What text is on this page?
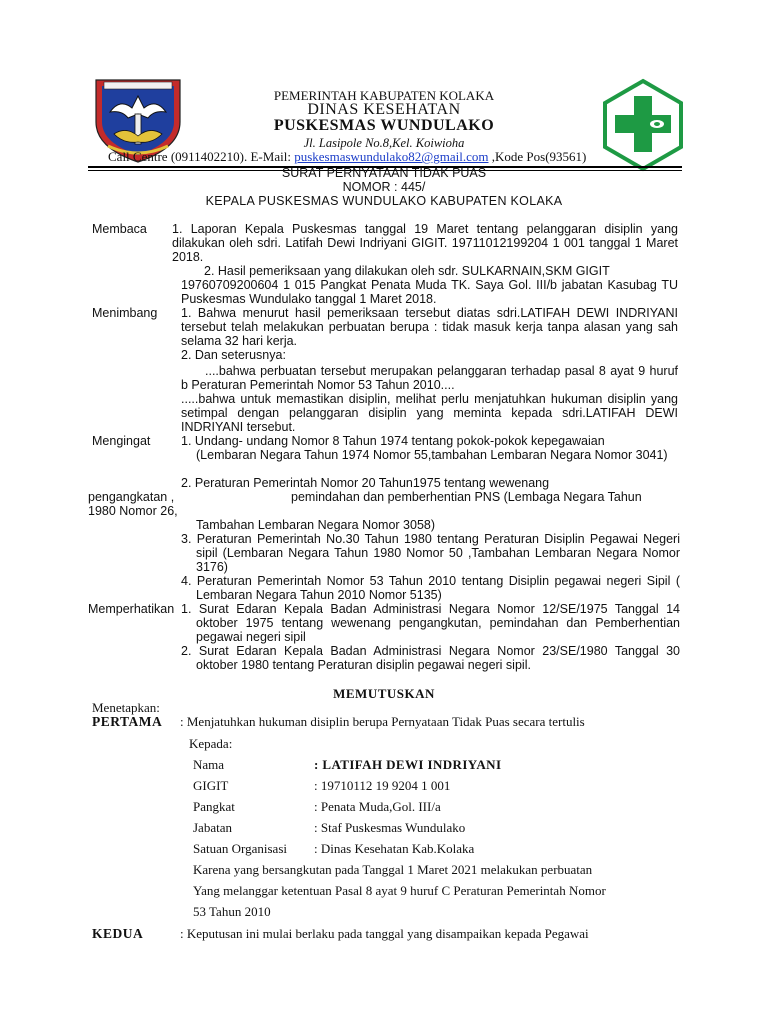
PEMERINTAH KABUPATEN KOLAKA
DINAS KESEHATAN
PUSKESMAS WUNDULAKO
Jl. Lasipole No.8,Kel. Koiwioha
Call Centre (0911402210). E-Mail: puskesmaswundulako82@gmail.com ,Kode Pos(93561)
SURAT PERNYATAAN TIDAK PUAS
NOMOR : 445/
KEPALA PUSKESMAS WUNDULAKO KABUPATEN KOLAKA
Membaca 1. Laporan Kepala Puskesmas tanggal 19 Maret tentang pelanggaran disiplin yang dilakukan oleh sdri. Latifah Dewi Indriyani GIGIT. 19711012199204 1 001 tanggal 1 Maret 2018.
2. Hasil pemeriksaan yang dilakukan oleh sdr. SULKARNAIN,SKM GIGIT
19760709200604 1 015 Pangkat Penata Muda TK. Saya Gol. III/b jabatan Kasubag TU Puskesmas Wundulako tanggal 1 Maret 2018.
Menimbang 1. Bahwa menurut hasil pemeriksaan tersebut diatas sdri.LATIFAH DEWI INDRIYANI tersebut telah melakukan perbuatan berupa : tidak masuk kerja tanpa alasan yang sah selama 32 hari kerja.
2. Dan seterusnya:
....bahwa perbuatan tersebut merupakan pelanggaran terhadap pasal 8 ayat 9 huruf b Peraturan Pemerintah Nomor 53 Tahun 2010....
.....bahwa untuk memastikan disiplin, melihat perlu menjatuhkan hukuman disiplin yang setimpal dengan pelanggaran disiplin yang meminta kepada sdri.LATIFAH DEWI INDRIYANI tersebut.
Mengingat 1. Undang- undang Nomor 8 Tahun 1974 tentang pokok-pokok kepegawaian
(Lembaran Negara Tahun 1974 Nomor 55,tambahan Lembaran Negara Nomor 3041)
2. Peraturan Pemerintah Nomor 20 Tahun1975 tentang wewenang
pengangkatan ,	pemindahan dan pemberhentian PNS (Lembaga Negara Tahun
1980 Nomor 26,
Tambahan Lembaran Negara Nomor 3058)
3. Peraturan Pemerintah No.30 Tahun 1980 tentang Peraturan Disiplin Pegawai Negeri sipil (Lembaran Negara Tahun 1980 Nomor 50 ,Tambahan Lembaran Negara Nomor 3176)
4. Peraturan Pemerintah Nomor 53 Tahun 2010 tentang Disiplin pegawai negeri Sipil ( Lembaran Negara Tahun 2010 Nomor 5135)
Memperhatikan 1. Surat Edaran Kepala Badan Administrasi Negara Nomor 12/SE/1975 Tanggal 14 oktober 1975 tentang wewenang pengangkutan, pemindahan dan Pemberhentian pegawai negeri sipil
2. Surat Edaran Kepala Badan Administrasi Negara Nomor 23/SE/1980 Tanggal 30 oktober 1980 tentang Peraturan disiplin pegawai negeri sipil.
MEMUTUSKAN
Menetapkan:
PERTAMA : Menjatuhkan hukuman disiplin berupa Pernyataan Tidak Puas secara tertulis
Kepada:
Nama	: LATIFAH DEWI INDRIYANI
GIGIT	: 19710112 19 9204 1 001
Pangkat	: Penata Muda,Gol. III/a
Jabatan	: Staf Puskesmas Wundulako
Satuan Organisasi : Dinas Kesehatan Kab.Kolaka
Karena yang bersangkutan pada Tanggal 1 Maret 2021 melakukan perbuatan
Yang melanggar ketentuan Pasal 8 ayat 9 huruf C Peraturan Pemerintah Nomor
53 Tahun 2010
KEDUA	: Keputusan ini mulai berlaku pada tanggal yang disampaikan kepada Pegawai
